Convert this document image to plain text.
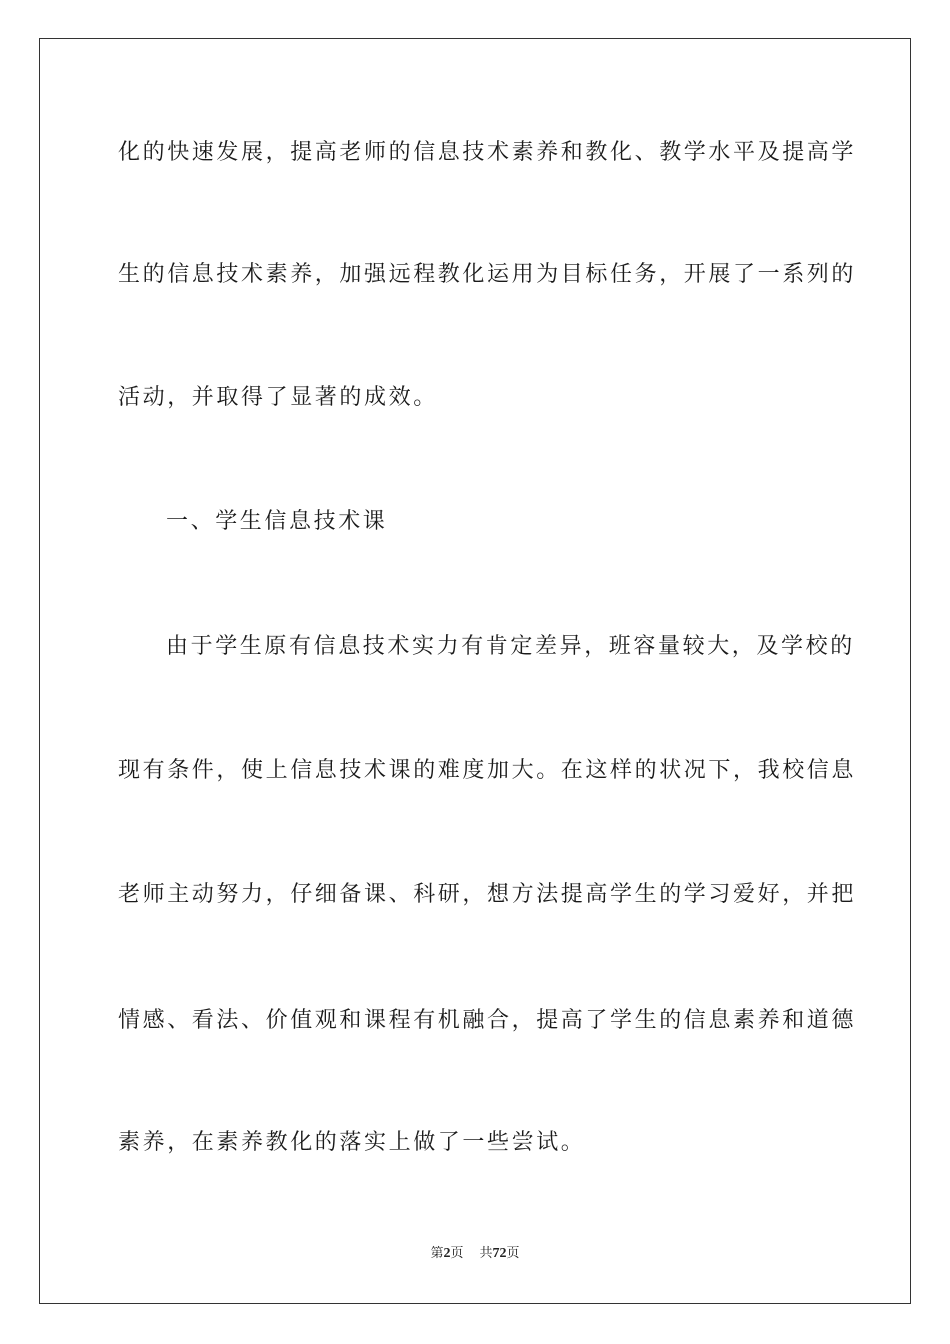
化的快速发展，提高老师的信息技术素养和教化、教学水平及提高学
生的信息技术素养，加强远程教化运用为目标任务，开展了一系列的
活动，并取得了显著的成效。
一、学生信息技术课
由于学生原有信息技术实力有肯定差异，班容量较大，及学校的
现有条件，使上信息技术课的难度加大。在这样的状况下，我校信息
老师主动努力，仔细备课、科研，想方法提高学生的学习爱好，并把
情感、看法、价值观和课程有机融合，提高了学生的信息素养和道德
素养，在素养教化的落实上做了一些尝试。
第2页 共72页
